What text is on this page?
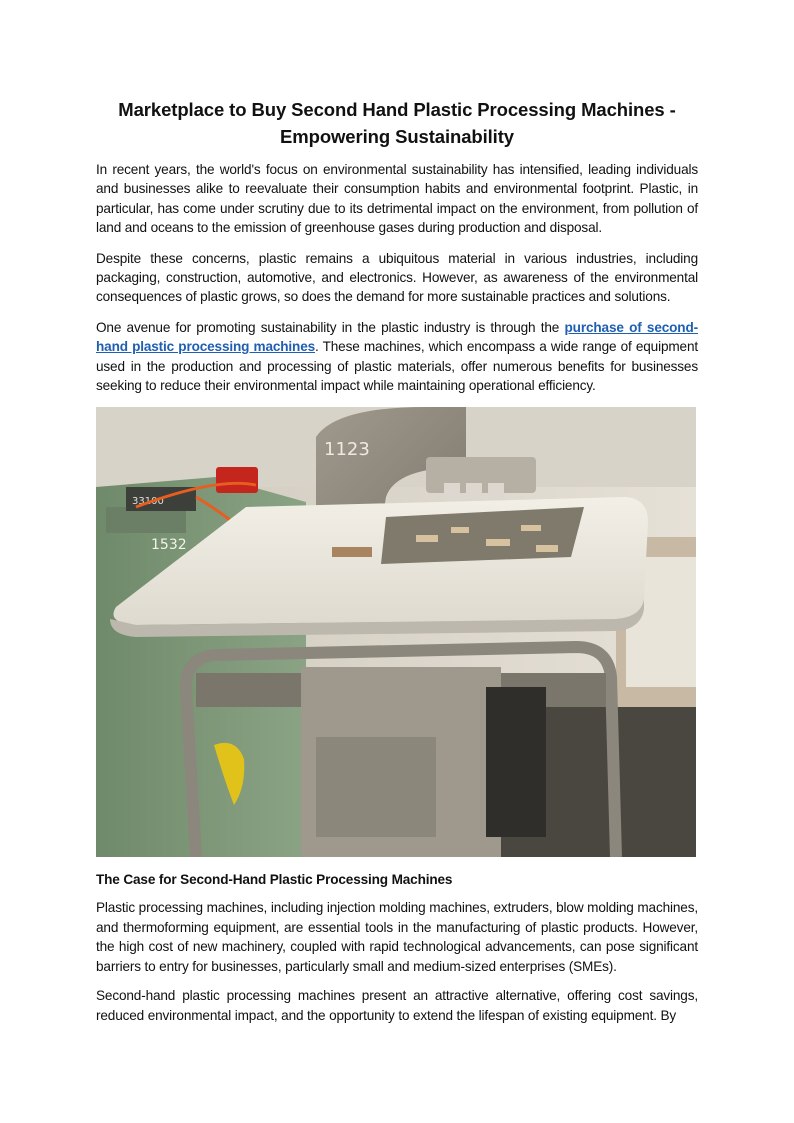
Marketplace to Buy Second Hand Plastic Processing Machines - Empowering Sustainability

In recent years, the world's focus on environmental sustainability has intensified, leading individuals and businesses alike to reevaluate their consumption habits and environmental footprint. Plastic, in particular, has come under scrutiny due to its detrimental impact on the environment, from pollution of land and oceans to the emission of greenhouse gases during production and disposal.

Despite these concerns, plastic remains a ubiquitous material in various industries, including packaging, construction, automotive, and electronics. However, as awareness of the environmental consequences of plastic grows, so does the demand for more sustainable practices and solutions.

One avenue for promoting sustainability in the plastic industry is through the purchase of second-hand plastic processing machines. These machines, which encompass a wide range of equipment used in the production and processing of plastic materials, offer numerous benefits for businesses seeking to reduce their environmental impact while maintaining operational efficiency.

33100
1532
1123
The Case for Second-Hand Plastic Processing Machines

Plastic processing machines, including injection molding machines, extruders, blow molding machines, and thermoforming equipment, are essential tools in the manufacturing of plastic products. However, the high cost of new machinery, coupled with rapid technological advancements, can pose significant barriers to entry for businesses, particularly small and medium-sized enterprises (SMEs).

Second-hand plastic processing machines present an attractive alternative, offering cost savings, reduced environmental impact, and the opportunity to extend the lifespan of existing equipment. By
